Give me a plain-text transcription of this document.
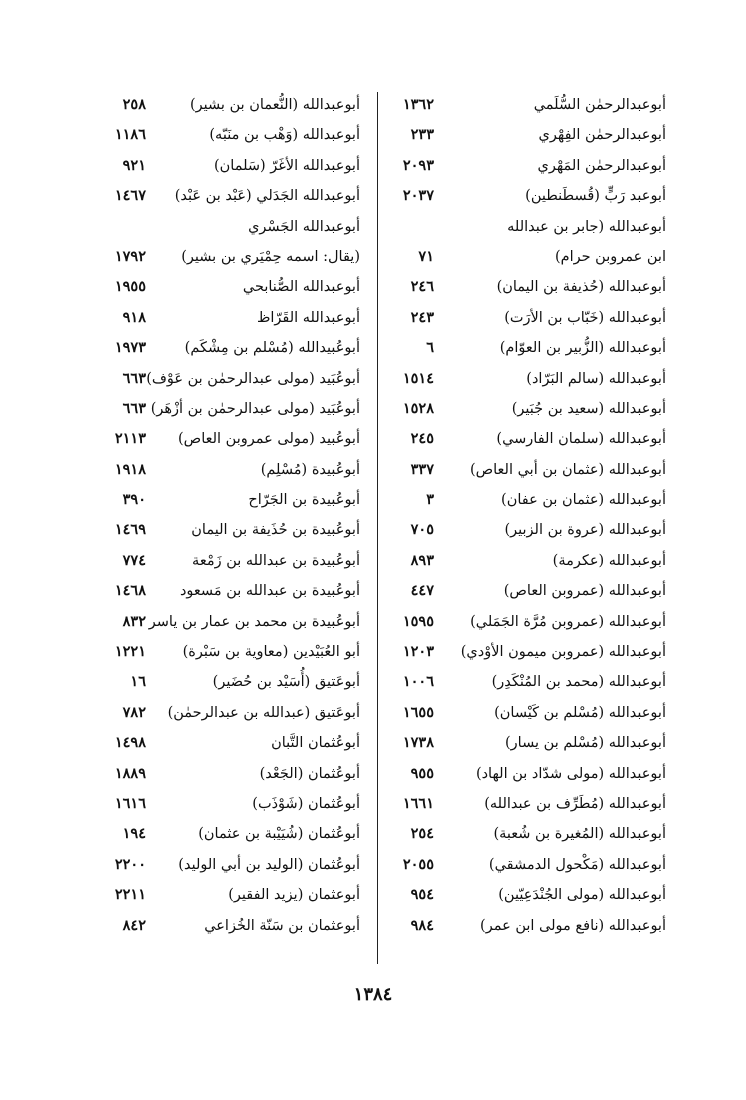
أبوعبدالرحمٰن السُّلَمي
١٣٦٢
أبوعبدالله (النُّعمان بن بشير)
٢٥٨
أبوعبدالرحمٰن الفِهْري
٢٣٣
أبوعبدالله (وَهْب بن منَبّه)
١١٨٦
أبوعبدالرحمٰن المَهْري
٢٠٩٣
أبوعبدالله الأغَرّ (سَلمان)
٩٢١
أبوعبد رَبٍّ (قُسطَنطين)
٢٠٣٧
أبوعبدالله الجَدَلي (عَبْد بن عَبْد)
١٤٦٧
أبوعبدالله (جابر بن عبدالله
أبوعبدالله الجَسْري
ابن عمروبن حرام)
٧١
(يقال: اسمه حِمْيَري بن بشير)
١٧٩٢
أبوعبدالله (حُذيفة بن اليمان)
٢٤٦
أبوعبدالله الصُّنابحي
١٩٥٥
أبوعبدالله (خَبّاب بن الأرَت)
٢٤٣
أبوعبدالله القَرّاظ
٩١٨
أبوعبدالله (الزُّبير بن العوّام)
٦
أبوعُبيدالله (مُسْلم بن مِشْكَم)
١٩٧٣
أبوعبدالله (سالم البَرّاد)
١٥١٤
أبوعُبَيد (مولى عبدالرحمٰن بن عَوْف)
٦٦٣
أبوعبدالله (سعيد بن جُبَير)
١٥٢٨
أبوعُبَيد (مولى عبدالرحمٰن بن أزْهَر)
٦٦٣
أبوعبدالله (سلمان الفارسي)
٢٤٥
أبوعُبيد (مولى عمروبن العاص)
٢١١٣
أبوعبدالله (عثمان بن أبي العاص)
٣٣٧
أبوعُبيدة (مُسْلِم)
١٩١٨
أبوعبدالله (عثمان بن عفان)
٣
أبوعُبيدة بن الجَرّاح
٣٩٠
أبوعبدالله (عروة بن الزبير)
٧٠٥
أبوعُبيدة بن حُذَيفة بن اليمان
١٤٦٩
أبوعبدالله (عكرمة)
٨٩٣
أبوعُبيدة بن عبدالله بن زَمْعة
٧٧٤
أبوعبدالله (عمروبن العاص)
٤٤٧
أبوعُبيدة بن عبدالله بن مَسعود
١٤٦٨
أبوعبدالله (عمروبن مُرَّة الجَمَلي)
١٥٩٥
أبوعُبيدة بن محمد بن عمار بن ياسر
٨٣٢
أبوعبدالله (عمروبن ميمون الأوْدي)
١٢٠٣
أبو العُبَيْدين (معاوية بن سَبْرة)
١٢٢١
أبوعبدالله (محمد بن المُنْكَدِر)
١٠٠٦
أبوعَتيق (أُسَيْد بن حُضَير)
١٦
أبوعبدالله (مُسْلم بن كَيْسان)
١٦٥٥
أبوعَتيق (عبدالله بن عبدالرحمٰن)
٧٨٢
أبوعبدالله (مُسْلم بن يسار)
١٧٣٨
أبوعُثمان التَّبان
١٤٩٨
أبوعبدالله (مولى شدّاد بن الهاد)
٩٥٥
أبوعُثمان (الجَعْد)
١٨٨٩
أبوعبدالله (مُطَرِّف بن عبدالله)
١٦٦١
أبوعُثمان (شَوْذَب)
١٦١٦
أبوعبدالله (المُغيرة بن شُعبة)
٢٥٤
أبوعُثمان (شُيَيْبة بن عثمان)
١٩٤
أبوعبدالله (مَكْحول الدمشقي)
٢٠٥٥
أبوعُثمان (الوليد بن أبي الوليد)
٢٢٠٠
أبوعبدالله (مولى الجُنْدَعِيّين)
٩٥٤
أبوعثمان (يزيد الفقير)
٢٢١١
أبوعبدالله (نافع مولى ابن عمر)
٩٨٤
أبوعثمان بن سَنّة الخُزاعي
٨٤٢
١٣٨٤
